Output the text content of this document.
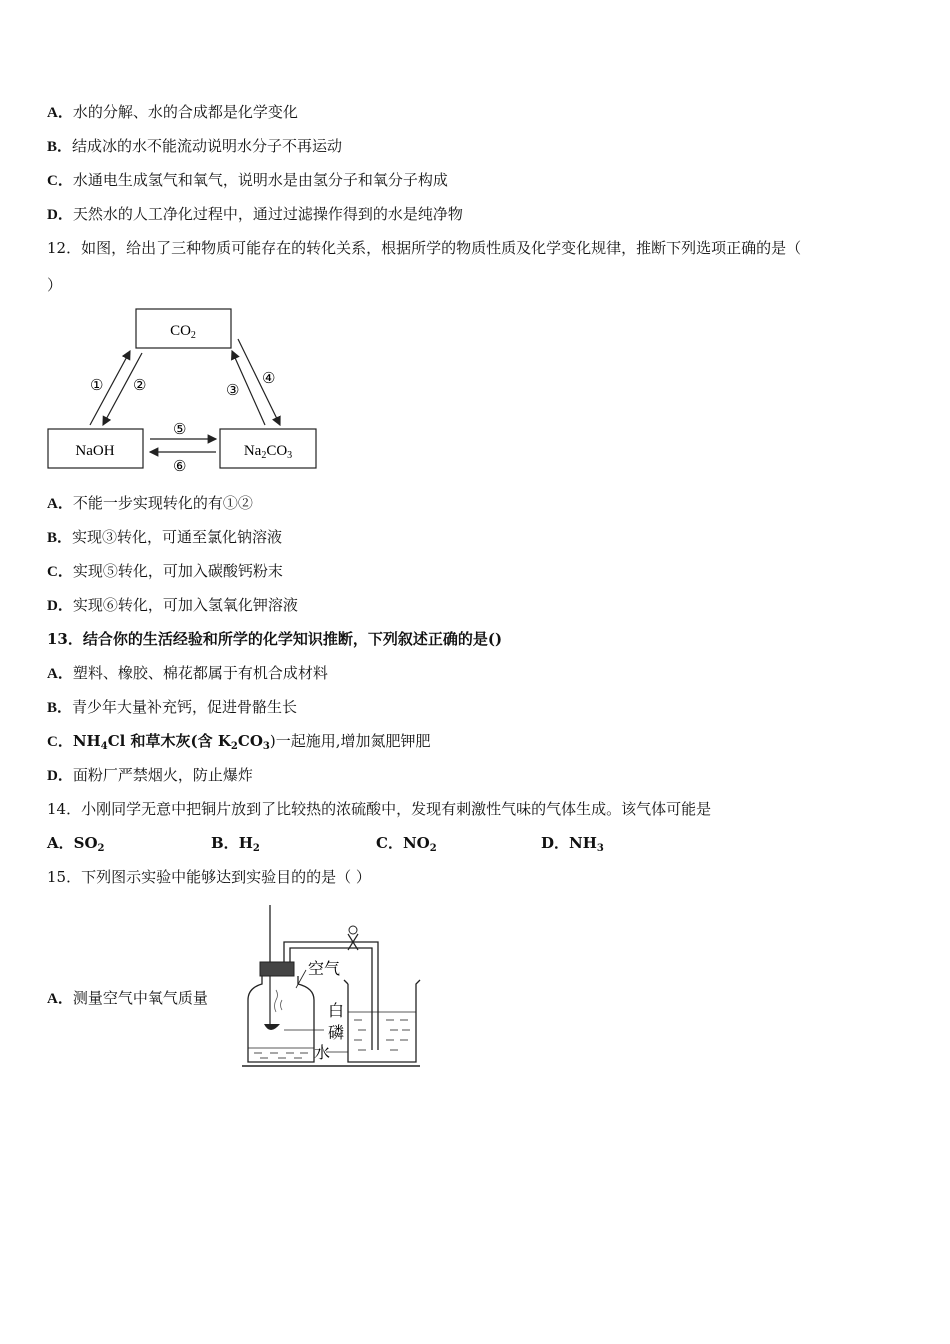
A．水的分解、水的合成都是化学变化
B．结成冰的水不能流动说明水分子不再运动
C．水通电生成氢气和氧气，说明水是由氢分子和氧分子构成
D．天然水的人工净化过程中，通过过滤操作得到的水是纯净物
12．如图，给出了三种物质可能存在的转化关系，根据所学的物质性质及化学变化规律，推断下列选项正确的是（
）
$CO_2$
NaOH	$Na_2CO_3$
① ②	③
④
⑤
⑥
A．不能一步实现转化的有①②
B．实现③转化，可通至氯化钠溶液
C．实现⑤转化，可加入碳酸钙粉末
D．实现⑥转化，可加入氢氧化钾溶液
13．结合你的生活经验和所学的化学知识推断，下列叙述正确的是()
A．塑料、橡胶、棉花都属于有机合成材料
B．青少年大量补充钙，促进骨骼生长
C．$NH_4Cl$ 和草木灰(含 $K_2CO_3$)一起施用,增加氮肥钾肥
D．面粉厂严禁烟火，防止爆炸
14．小刚同学无意中把铜片放到了比较热的浓硫酸中，发现有刺激性气味的气体生成。该气体可能是
A．$SO_2$	B．$H_2$	C．$NO_2$	D．$NH_3$
15．下列图示实验中能够达到实验目的的是（ ）
A．测量空气中氧气质量
空气
白
磷
水
